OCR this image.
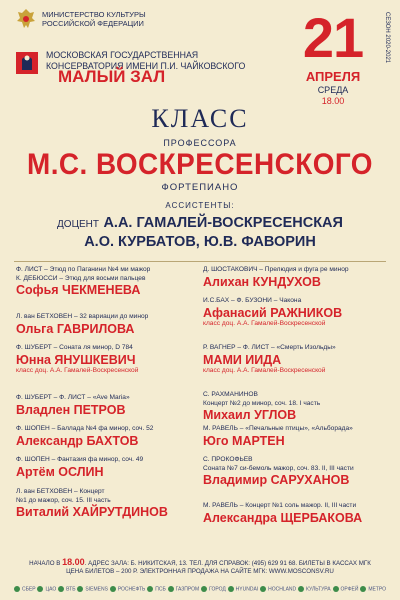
МИНИСТЕРСТВО КУЛЬТУРЫ
РОССИЙСКОЙ ФЕДЕРАЦИИ
МОСКОВСКАЯ ГОСУДАРСТВЕННАЯ
КОНСЕРВАТОРИЯ ИМЕНИ П.И. ЧАЙКОВСКОГО
МАЛЫЙ ЗАЛ
21
АПРЕЛЯ
СРЕДА
18.00
СЕЗОН 2020-2021
КЛАСС
ПРОФЕССОРА
М.С. ВОСКРЕСЕНСКОГО
ФОРТЕПИАНО
АССИСТЕНТЫ:
ДОЦЕНТ А.А. ГАМАЛЕЙ-ВОСКРЕСЕНСКАЯ
А.О. КУРБАТОВ, Ю.В. ФАВОРИН
Ф. ЛИСТ – Этюд по Паганини №4 ми мажор
К. ДЕБЮССИ – Этюд для восьми пальцев
Софья ЧЕКМЕНЕВА
Л. ван БЕТХОВЕН – 32 вариации до минор
Ольга ГАВРИЛОВА
Ф. ШУБЕРТ – Соната ля минор, D 784
Юнна ЯНУШКЕВИЧ
класс доц. А.А. Гамалей-Воскресенской
Ф. ШУБЕРТ – Ф. ЛИСТ – «Ave Maria»
Владлен ПЕТРОВ
Ф. ШОПЕН – Баллада №4 фа минор, соч. 52
Александр БАХТОВ
Ф. ШОПЕН – Фантазия фа минор, соч. 49
Артём ОСЛИН
Л. ван БЕТХОВЕН – Концерт
№1 до мажор, соч. 15. III часть
Виталий ХАЙРУТДИНОВ
Д. ШОСТАКОВИЧ – Прелюдия и фуга ре минор
Алихан КУНДУХОВ
И.С.БАХ – Ф. БУЗОНИ – Чакона
Афанасий РАЖНИКОВ
класс доц. А.А. Гамалей-Воскресенской
Р. ВАГНЕР – Ф. ЛИСТ – «Смерть Изольды»
МАМИ ИИДА
класс доц. А.А. Гамалей-Воскресенской
С. РАХМАНИНОВ
Концерт №2 до минор, соч. 18. I часть
Михаил УГЛОВ
М. РАВЕЛЬ – «Печальные птицы», «Альборада»
Юго МАРТЕН
С. ПРОКОФЬЕВ
Соната №7 си-бемоль мажор, соч. 83. II, III части
Владимир САРУХАНОВ
М. РАВЕЛЬ – Концерт №1 соль мажор. II, III части
Александра ЩЕРБАКОВА
НАЧАЛО В 18.00. АДРЕС ЗАЛА: Б. НИКИТСКАЯ, 13. ТЕЛ. ДЛЯ СПРАВОК: (495) 629 91 68. БИЛЕТЫ В КАССАХ МГК
ЦЕНА БИЛЕТОВ – 200 Р. ЭЛЕКТРОННАЯ ПРОДАЖА НА САЙТЕ МГК: WWW.MOSCONSV.RU
СБЕР	ЦАО	ВТБ	SIEMENS	РОСНЕФТЬ	ПСБ	ГАЗПРОМ	ГОРОД	HYUNDAI	HOCHLAND	КУЛЬТУРА	ОРФЕЙ	МЕТРО
